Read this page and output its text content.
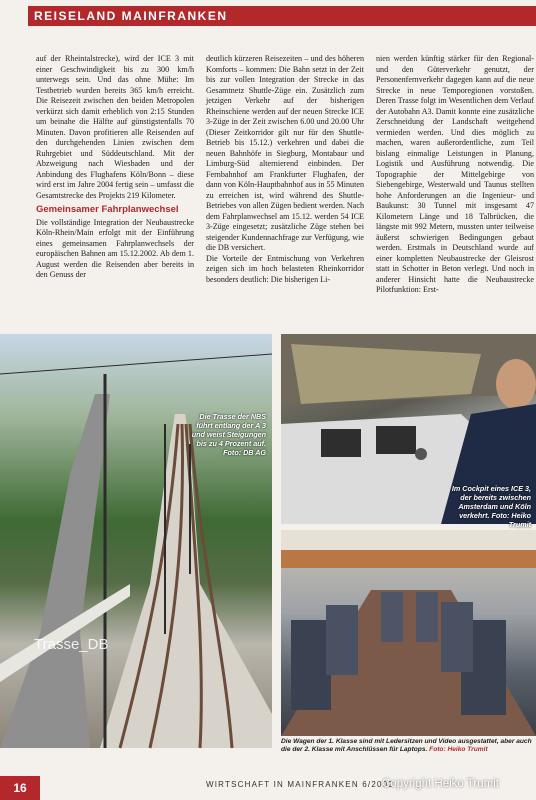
REISELAND MAINFRANKEN

auf der Rheintalstrecke), wird der ICE 3 mit einer Geschwindigkeit bis zu 300 km/h unterwegs sein. Und das ohne Mühe: Im Testbetrieb wurden bereits 365 km/h erreicht. Die Reisezeit zwischen den beiden Metropolen verkürzt sich damit erheblich von 2:15 Stunden um beinahe die Hälfte auf günstigstenfalls 70 Minuten. Davon profitieren alle Reisenden auf den durchgehenden Linien zwischen dem Ruhrgebiet und Süddeutschland. Mit der Abzweigung nach Wiesbaden und der Anbindung des Flughafens Köln/Bonn – diese wird erst im Jahre 2004 fertig sein – umfasst die Gesamtstrecke des Projekts 219 Kilometer.

Gemeinsamer Fahrplanwechsel

Die vollständige Integration der Neubaustrecke Köln-Rhein/Main erfolgt mit der Einführung eines gemeinsamen Fahrplanwechsels der europäischen Bahnen am 15.12.2002. Ab dem 1. August werden die Reisenden aber bereits in den Genuss der

deutlich kürzeren Reisezeiten – und des höheren Komforts – kommen: Die Bahn setzt in der Zeit bis zur vollen Integration der Strecke in das Gesamtnetz Shuttle-Züge ein. Zusätzlich zum jetzigen Verkehr auf der bisherigen Rheinschiene werden auf der neuen Strecke ICE 3-Züge in der Zeit zwischen 6.00 und 20.00 Uhr (Dieser Zeitkorridor gilt nur für den Shuttle-Betrieb bis 15.12.) verkehren und dabei die neuen Bahnhöfe in Siegburg, Montabaur und Limburg-Süd alternierend einbinden. Der Fernbahnhof am Frankfurter Flughafen, der dann von Köln-Hauptbahnhof aus in 55 Minuten zu erreichen ist, wird während des Shuttle-Betriebes von allen Zügen bedient werden. Nach dem Fahrplanwechsel am 15.12. werden 54 ICE 3-Züge eingesetzt; zusätzliche Züge stehen bei steigender Kundennachfrage zur Verfügung, wie die DB versichert.

Die Vorteile der Entmischung von Verkehren zeigen sich im hoch belasteten Rheinkorridor besonders deutlich: Die bisherigen Li-

nien werden künftig stärker für den Regional- und den Güterverkehr genutzt, der Personenfernverkehr dagegen kann auf die neue Strecke in neue Temporegionen vorstoßen. Deren Trasse folgt im Wesentlichen dem Verlauf der Autobahn A3. Damit konnte eine zusätzliche Zerschneidung der Landschaft weitgehend vermieden werden. Und dies möglich zu machen, waren außerordentliche, zum Teil bislang einmalige Leistungen in Planung, Logistik und Ausführung notwendig. Die Topographie der Mittelgebirge von Siebengebirge, Westerwald und Taunus stellten hohe Anforderungen an die Ingenieur- und Baukunst: 30 Tunnel mit insgesamt 47 Kilometern Länge und 18 Talbrücken, die längste mit 992 Metern, mussten unter teilweise äußerst schwierigen Bedingungen gebaut werden. Erstmals in Deutschland wurde auf einer kompletten Neubaustrecke der Gleisrost statt in Schotter in Beton verlegt. Und noch in anderer Hinsicht hatte die Neubaustrecke Pilotfunktion: Erst-

Die Trasse der NBS führt entlang der A 3 und weist Steigungen bis zu 4 Prozent auf. Foto: DB AG
Trasse_DB
Im Cockpit eines ICE 3, der bereits zwischen Amsterdam und Köln verkehrt. Foto: Heiko Trumit
Die Wagen der 1. Klasse sind mit Ledersitzen und Video ausgestattet, aber auch die der 2. Klasse mit Anschlüssen für Laptops. Foto: Heiko Trumit
16	WIRTSCHAFT IN MAINFRANKEN 6/2002
Copyright Heiko Trumit
